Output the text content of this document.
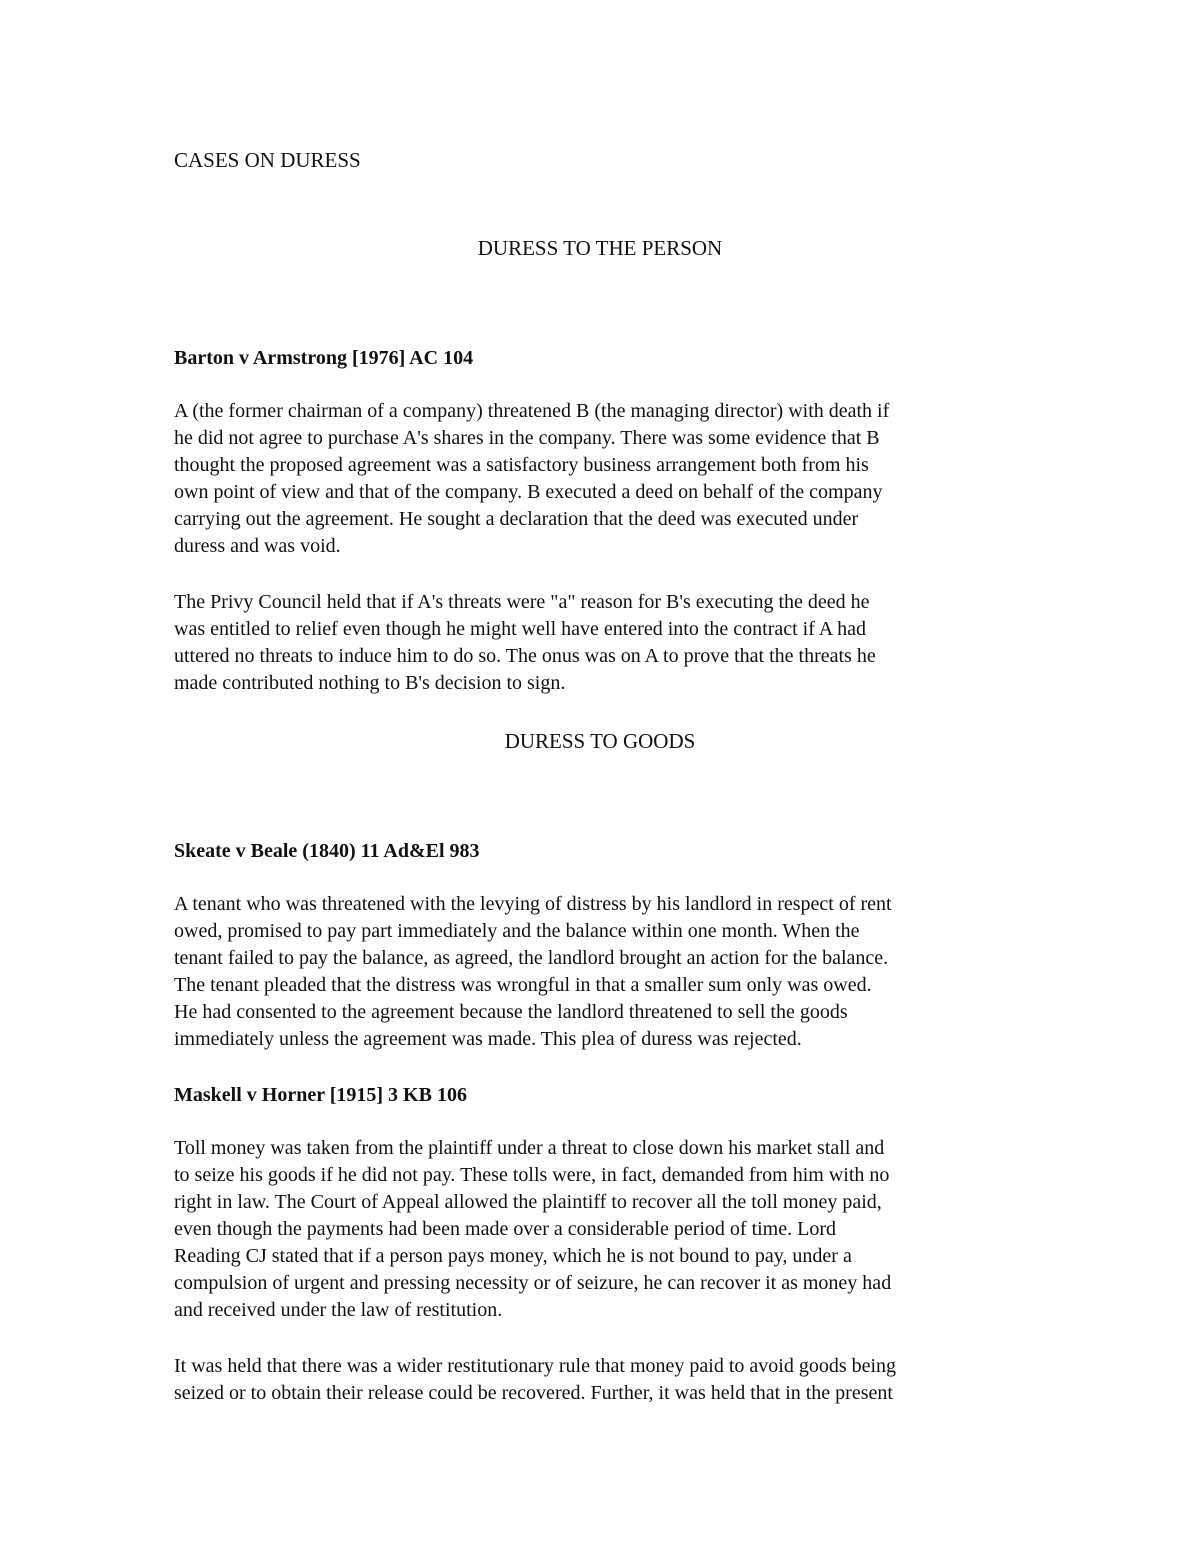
CASES ON DURESS
DURESS TO THE PERSON
Barton v Armstrong [1976] AC 104

A (the former chairman of a company) threatened B (the managing director) with death if
he did not agree to purchase A's shares in the company. There was some evidence that B
thought the proposed agreement was a satisfactory business arrangement both from his
own point of view and that of the company. B executed a deed on behalf of the company
carrying out the agreement. He sought a declaration that the deed was executed under
duress and was void.

The Privy Council held that if A's threats were "a" reason for B's executing the deed he
was entitled to relief even though he might well have entered into the contract if A had
uttered no threats to induce him to do so. The onus was on A to prove that the threats he
made contributed nothing to B's decision to sign.

DURESS TO GOODS
Skeate v Beale (1840) 11 Ad&El 983

A tenant who was threatened with the levying of distress by his landlord in respect of rent
owed, promised to pay part immediately and the balance within one month. When the
tenant failed to pay the balance, as agreed, the landlord brought an action for the balance.
The tenant pleaded that the distress was wrongful in that a smaller sum only was owed.
He had consented to the agreement because the landlord threatened to sell the goods
immediately unless the agreement was made. This plea of duress was rejected.

Maskell v Horner [1915] 3 KB 106

Toll money was taken from the plaintiff under a threat to close down his market stall and
to seize his goods if he did not pay. These tolls were, in fact, demanded from him with no
right in law. The Court of Appeal allowed the plaintiff to recover all the toll money paid,
even though the payments had been made over a considerable period of time. Lord
Reading CJ stated that if a person pays money, which he is not bound to pay, under a
compulsion of urgent and pressing necessity or of seizure, he can recover it as money had
and received under the law of restitution.

It was held that there was a wider restitutionary rule that money paid to avoid goods being
seized or to obtain their release could be recovered. Further, it was held that in the present
